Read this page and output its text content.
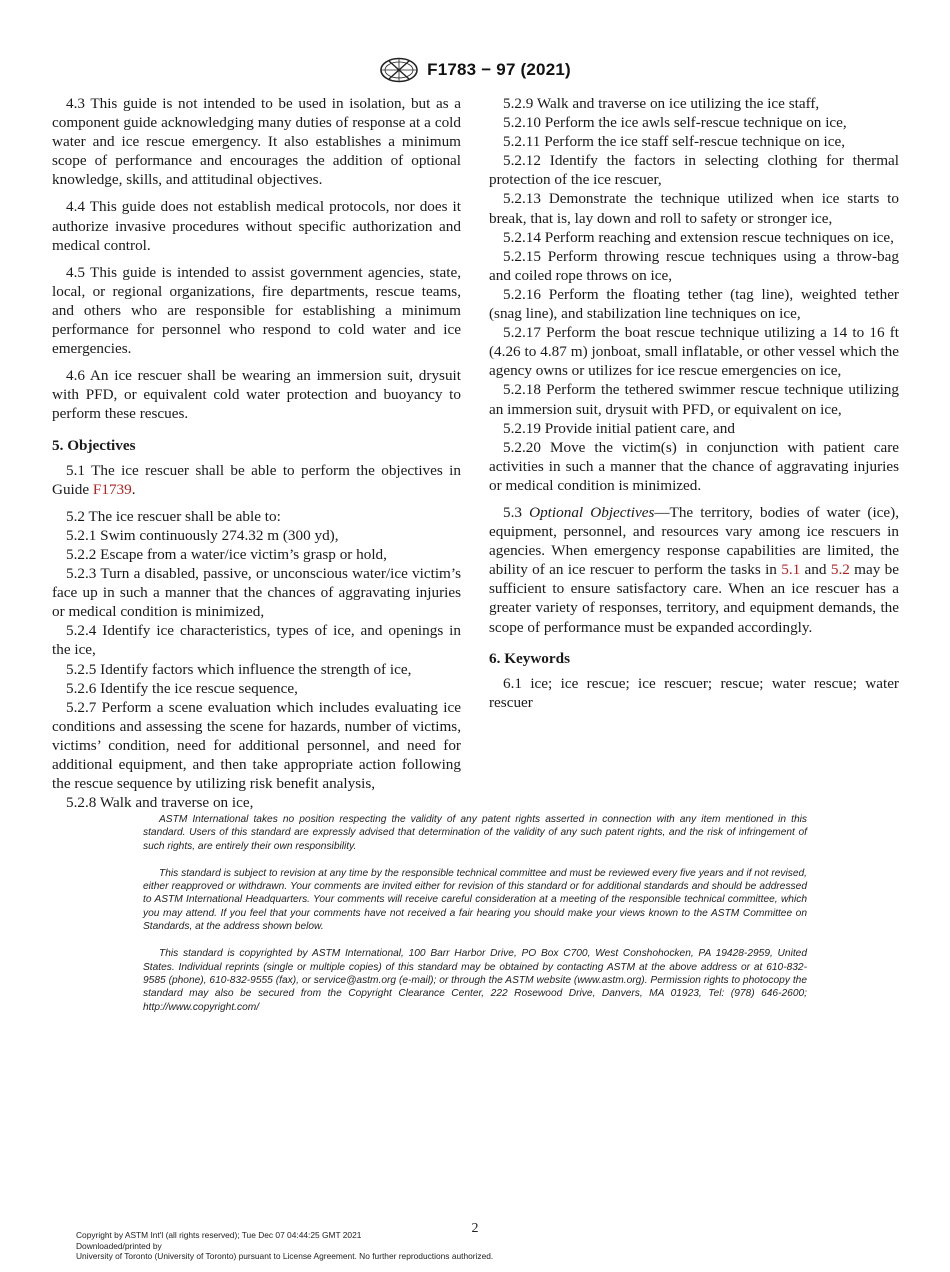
F1783 − 97 (2021)

4.3 This guide is not intended to be used in isolation, but as a component guide acknowledging many duties of response at a cold water and ice rescue emergency. It also establishes a minimum scope of performance and encourages the addition of optional knowledge, skills, and attitudinal objectives.

4.4 This guide does not establish medical protocols, nor does it authorize invasive procedures without specific authorization and medical control.

4.5 This guide is intended to assist government agencies, state, local, or regional organizations, fire departments, rescue teams, and others who are responsible for establishing a minimum performance for personnel who respond to cold water and ice emergencies.

4.6 An ice rescuer shall be wearing an immersion suit, drysuit with PFD, or equivalent cold water protection and buoyancy to perform these rescues.

5. Objectives

5.1 The ice rescuer shall be able to perform the objectives in Guide F1739.

5.2 The ice rescuer shall be able to:

5.2.1 Swim continuously 274.32 m (300 yd),

5.2.2 Escape from a water/ice victim’s grasp or hold,

5.2.3 Turn a disabled, passive, or unconscious water/ice victim’s face up in such a manner that the chances of aggravating injuries or medical condition is minimized,

5.2.4 Identify ice characteristics, types of ice, and openings in the ice,

5.2.5 Identify factors which influence the strength of ice,

5.2.6 Identify the ice rescue sequence,

5.2.7 Perform a scene evaluation which includes evaluating ice conditions and assessing the scene for hazards, number of victims, victims’ condition, need for additional personnel, and need for additional equipment, and then take appropriate action following the rescue sequence by utilizing risk benefit analysis,

5.2.8 Walk and traverse on ice,

5.2.9 Walk and traverse on ice utilizing the ice staff,

5.2.10 Perform the ice awls self-rescue technique on ice,

5.2.11 Perform the ice staff self-rescue technique on ice,

5.2.12 Identify the factors in selecting clothing for thermal protection of the ice rescuer,

5.2.13 Demonstrate the technique utilized when ice starts to break, that is, lay down and roll to safety or stronger ice,

5.2.14 Perform reaching and extension rescue techniques on ice,

5.2.15 Perform throwing rescue techniques using a throw-bag and coiled rope throws on ice,

5.2.16 Perform the floating tether (tag line), weighted tether (snag line), and stabilization line techniques on ice,

5.2.17 Perform the boat rescue technique utilizing a 14 to 16 ft (4.26 to 4.87 m) jonboat, small inflatable, or other vessel which the agency owns or utilizes for ice rescue emergencies on ice,

5.2.18 Perform the tethered swimmer rescue technique utilizing an immersion suit, drysuit with PFD, or equivalent on ice,

5.2.19 Provide initial patient care, and

5.2.20 Move the victim(s) in conjunction with patient care activities in such a manner that the chance of aggravating injuries or medical condition is minimized.

5.3 Optional Objectives—The territory, bodies of water (ice), equipment, personnel, and resources vary among ice rescuers in agencies. When emergency response capabilities are limited, the ability of an ice rescuer to perform the tasks in 5.1 and 5.2 may be sufficient to ensure satisfactory care. When an ice rescuer has a greater variety of responses, territory, and equipment demands, the scope of performance must be expanded accordingly.

6. Keywords

6.1 ice; ice rescue; ice rescuer; rescue; water rescue; water rescuer

ASTM International takes no position respecting the validity of any patent rights asserted in connection with any item mentioned in this standard. Users of this standard are expressly advised that determination of the validity of any such patent rights, and the risk of infringement of such rights, are entirely their own responsibility.

This standard is subject to revision at any time by the responsible technical committee and must be reviewed every five years and if not revised, either reapproved or withdrawn. Your comments are invited either for revision of this standard or for additional standards and should be addressed to ASTM International Headquarters. Your comments will receive careful consideration at a meeting of the responsible technical committee, which you may attend. If you feel that your comments have not received a fair hearing you should make your views known to the ASTM Committee on Standards, at the address shown below.

This standard is copyrighted by ASTM International, 100 Barr Harbor Drive, PO Box C700, West Conshohocken, PA 19428-2959, United States. Individual reprints (single or multiple copies) of this standard may be obtained by contacting ASTM at the above address or at 610-832-9585 (phone), 610-832-9555 (fax), or service@astm.org (e-mail); or through the ASTM website (www.astm.org). Permission rights to photocopy the standard may also be secured from the Copyright Clearance Center, 222 Rosewood Drive, Danvers, MA 01923, Tel: (978) 646-2600; http://www.copyright.com/

2
Copyright by ASTM Int'l (all rights reserved); Tue Dec 07 04:44:25 GMT 2021
Downloaded/printed by
University of Toronto (University of Toronto) pursuant to License Agreement. No further reproductions authorized.
